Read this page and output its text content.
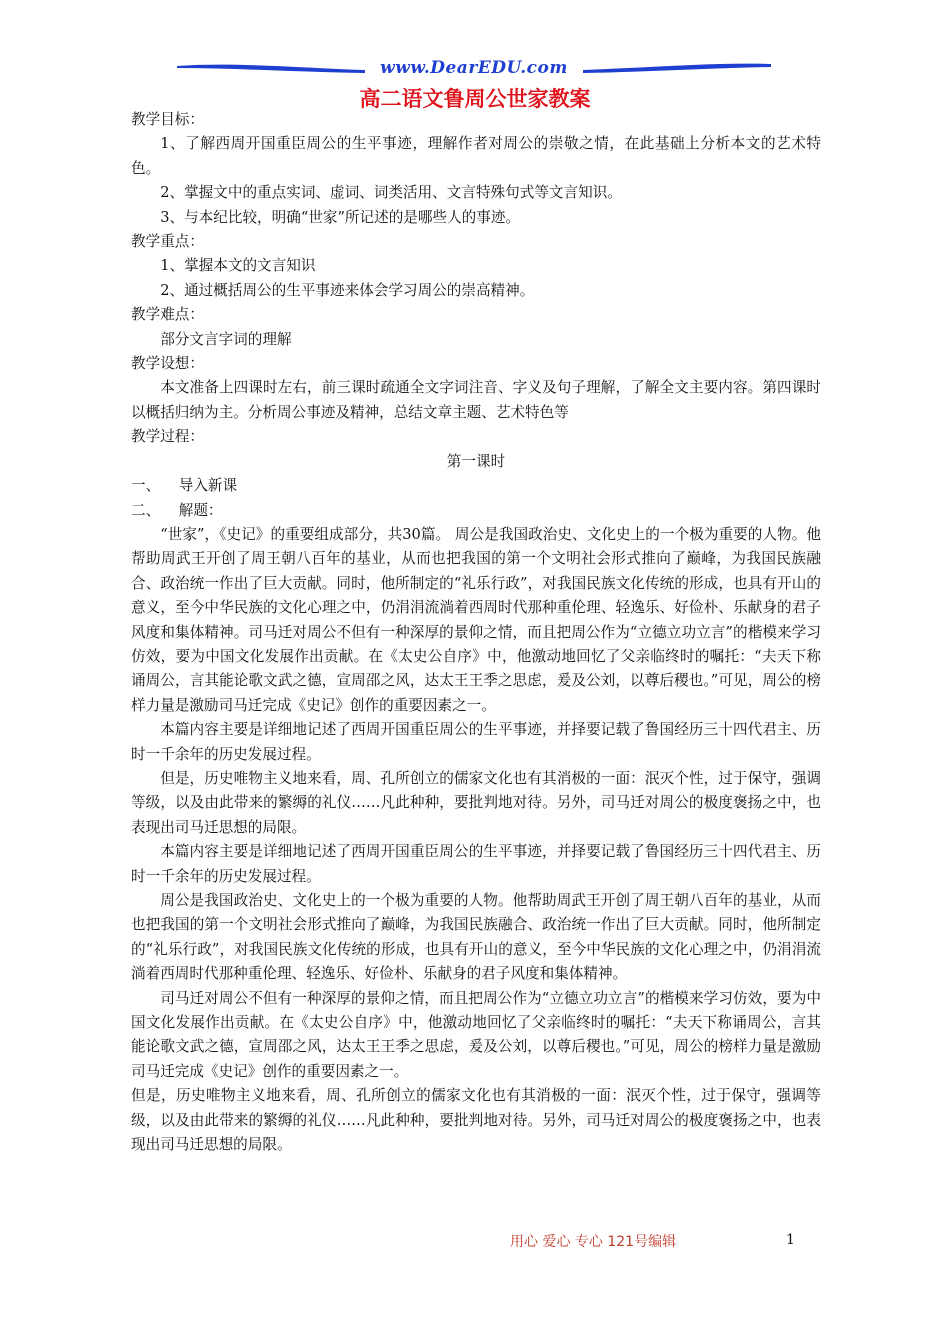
www.DearEDU.com
高二语文鲁周公世家教案

教学目标：

1、了解西周开国重臣周公的生平事迹，理解作者对周公的崇敬之情，在此基础上分析本文的艺术特色。

2、掌握文中的重点实词、虚词、词类活用、文言特殊句式等文言知识。

3、与本纪比较，明确“世家”所记述的是哪些人的事迹。

教学重点：

1、掌握本文的文言知识

2、通过概括周公的生平事迹来体会学习周公的崇高精神。

教学难点：

部分文言字词的理解

教学设想：

本文准备上四课时左右，前三课时疏通全文字词注音、字义及句子理解，了解全文主要内容。第四课时以概括归纳为主。分析周公事迹及精神，总结文章主题、艺术特色等

教学过程：

第一课时

一、    导入新课

二、    解题：

“世家”，《史记》的重要组成部分，共30篇。 周公是我国政治史、文化史上的一个极为重要的人物。他帮助周武王开创了周王朝八百年的基业，从而也把我国的第一个文明社会形式推向了巅峰，为我国民族融合、政治统一作出了巨大贡献。同时，他所制定的“礼乐行政”，对我国民族文化传统的形成，也具有开山的意义，至今中华民族的文化心理之中，仍涓涓流淌着西周时代那种重伦理、轻逸乐、好俭朴、乐献身的君子风度和集体精神。司马迁对周公不但有一种深厚的景仰之情，而且把周公作为“立德立功立言”的楷模来学习仿效，要为中国文化发展作出贡献。在《太史公自序》中，他激动地回忆了父亲临终时的嘱托：“夫天下称诵周公，言其能论歌文武之德，宣周邵之风，达太王王季之思虑，爰及公刘，以尊后稷也。”可见，周公的榜样力量是激励司马迁完成《史记》创作的重要因素之一。

本篇内容主要是详细地记述了西周开国重臣周公的生平事迹，并择要记载了鲁国经历三十四代君主、历时一千余年的历史发展过程。

但是，历史唯物主义地来看，周、孔所创立的儒家文化也有其消极的一面：泯灭个性，过于保守，强调等级，以及由此带来的繁缛的礼仪……凡此种种，要批判地对待。另外，司马迁对周公的极度褒扬之中，也表现出司马迁思想的局限。

本篇内容主要是详细地记述了西周开国重臣周公的生平事迹，并择要记载了鲁国经历三十四代君主、历时一千余年的历史发展过程。

周公是我国政治史、文化史上的一个极为重要的人物。他帮助周武王开创了周王朝八百年的基业，从而也把我国的第一个文明社会形式推向了巅峰，为我国民族融合、政治统一作出了巨大贡献。同时，他所制定的“礼乐行政”，对我国民族文化传统的形成，也具有开山的意义，至今中华民族的文化心理之中，仍涓涓流淌着西周时代那种重伦理、轻逸乐、好俭朴、乐献身的君子风度和集体精神。

司马迁对周公不但有一种深厚的景仰之情，而且把周公作为“立德立功立言”的楷模来学习仿效，要为中国文化发展作出贡献。在《太史公自序》中，他激动地回忆了父亲临终时的嘱托：“夫天下称诵周公，言其能论歌文武之德，宣周邵之风，达太王王季之思虑，爰及公刘，以尊后稷也。”可见，周公的榜样力量是激励司马迁完成《史记》创作的重要因素之一。

但是，历史唯物主义地来看，周、孔所创立的儒家文化也有其消极的一面：泯灭个性，过于保守，强调等级，以及由此带来的繁缛的礼仪……凡此种种，要批判地对待。另外，司马迁对周公的极度褒扬之中，也表现出司马迁思想的局限。

用心 爱心 专心 121号编辑	1
